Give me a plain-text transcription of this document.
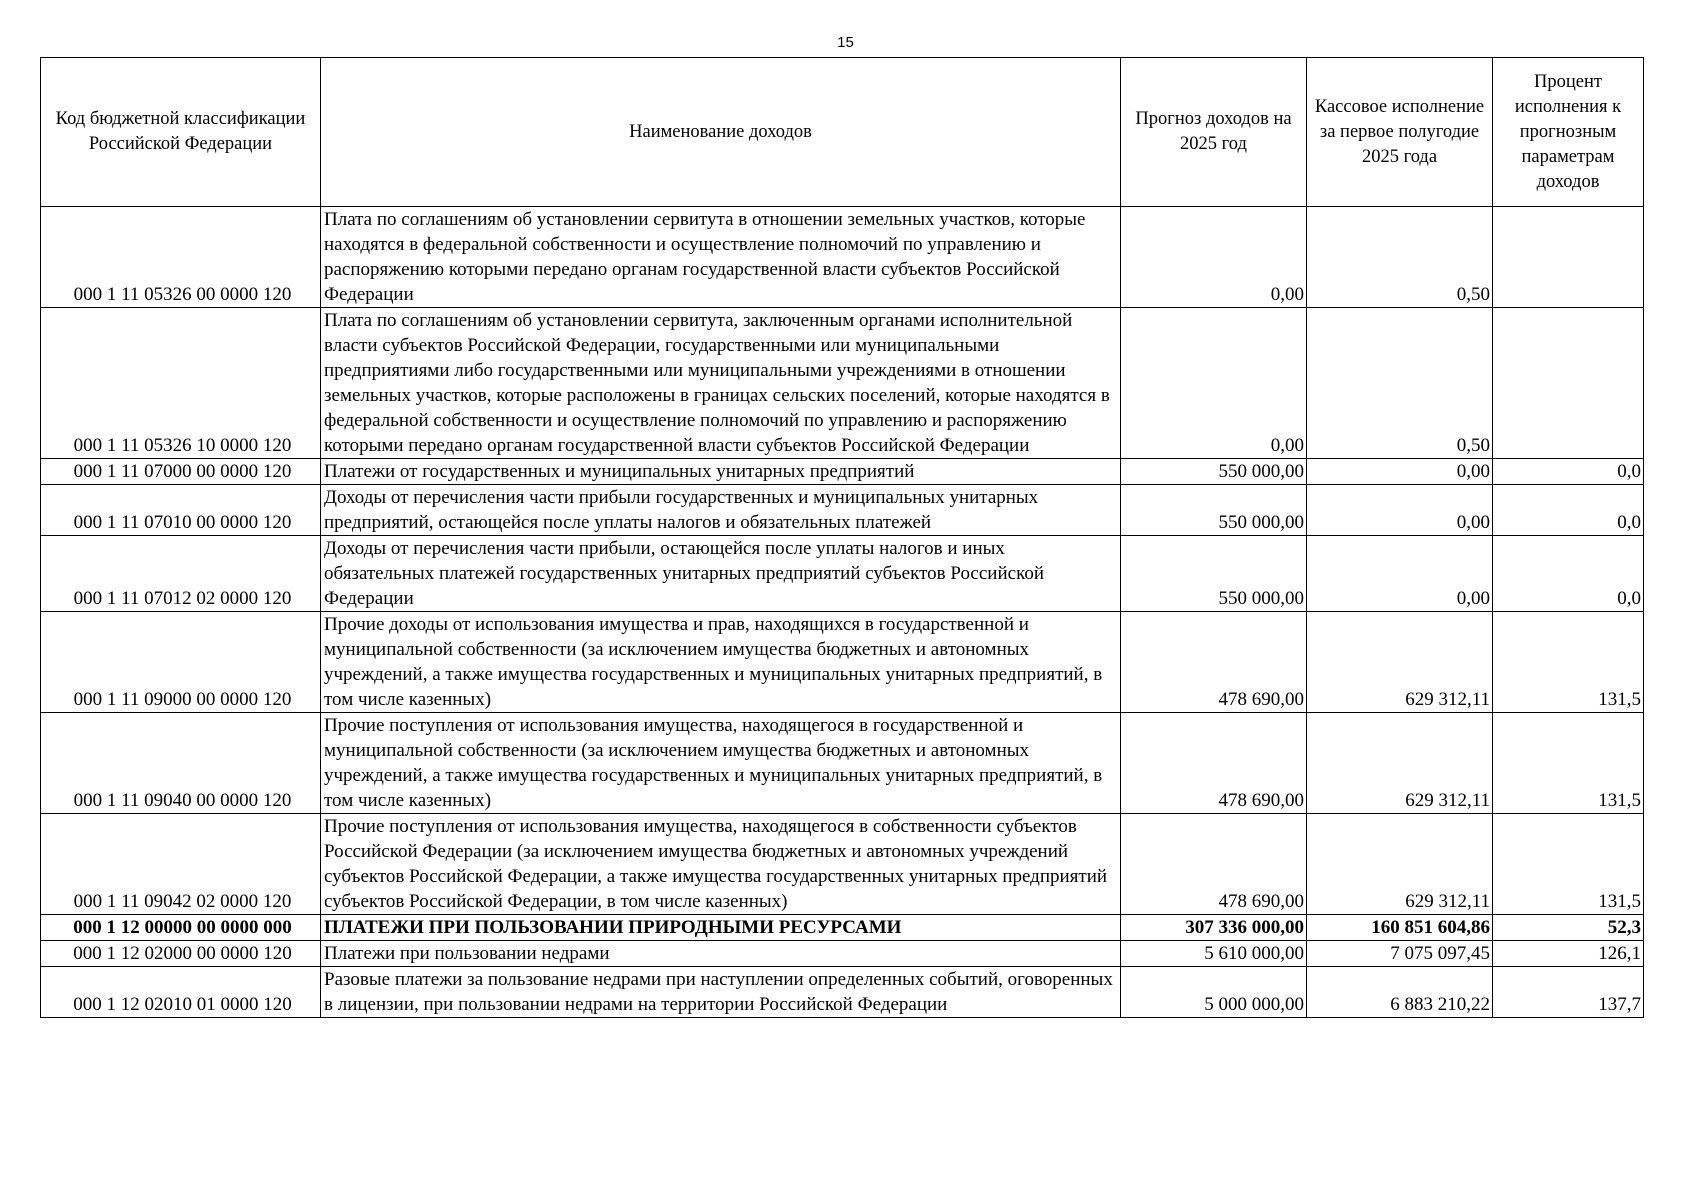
15
Код бюджетной классификации Российской Федерации	Наименование доходов	Прогноз доходов на 2025 год	Кассовое исполнение за первое полугодие 2025 года	Процент исполнения к прогнозным параметрам доходов
000 1 11 05326 00 0000 120	Плата по соглашениям об установлении сервитута в отношении земельных участков, которые находятся в федеральной собственности и осуществление полномочий по управлению и распоряжению которыми передано органам государственной власти субъектов Российской Федерации	0,00	0,50	
000 1 11 05326 10 0000 120	Плата по соглашениям об установлении сервитута, заключенным органами исполнительной власти субъектов Российской Федерации, государственными или муниципальными предприятиями либо государственными или муниципальными учреждениями в отношении земельных участков, которые расположены в границах сельских поселений, которые находятся в федеральной собственности и осуществление полномочий по управлению и распоряжению которыми передано органам государственной власти субъектов Российской Федерации	0,00	0,50	
000 1 11 07000 00 0000 120	Платежи от государственных и муниципальных унитарных предприятий	550 000,00	0,00	0,0
000 1 11 07010 00 0000 120	Доходы от перечисления части прибыли государственных и муниципальных унитарных предприятий, остающейся после уплаты налогов и обязательных платежей	550 000,00	0,00	0,0
000 1 11 07012 02 0000 120	Доходы от перечисления части прибыли, остающейся после уплаты налогов и иных обязательных платежей государственных унитарных предприятий субъектов Российской Федерации	550 000,00	0,00	0,0
000 1 11 09000 00 0000 120	Прочие доходы от использования имущества и прав, находящихся в государственной и муниципальной собственности (за исключением имущества бюджетных и автономных учреждений, а также имущества государственных и муниципальных унитарных предприятий, в том числе казенных)	478 690,00	629 312,11	131,5
000 1 11 09040 00 0000 120	Прочие поступления от использования имущества, находящегося в государственной и муниципальной собственности (за исключением имущества бюджетных и автономных учреждений, а также имущества государственных и муниципальных унитарных предприятий, в том числе казенных)	478 690,00	629 312,11	131,5
000 1 11 09042 02 0000 120	Прочие поступления от использования имущества, находящегося в собственности субъектов Российской Федерации (за исключением имущества бюджетных и автономных учреждений субъектов Российской Федерации, а также имущества государственных унитарных предприятий субъектов Российской Федерации, в том числе казенных)	478 690,00	629 312,11	131,5
000 1 12 00000 00 0000 000	ПЛАТЕЖИ ПРИ ПОЛЬЗОВАНИИ ПРИРОДНЫМИ РЕСУРСАМИ	307 336 000,00	160 851 604,86	52,3
000 1 12 02000 00 0000 120	Платежи при пользовании недрами	5 610 000,00	7 075 097,45	126,1
000 1 12 02010 01 0000 120	Разовые платежи за пользование недрами при наступлении определенных событий, оговоренных в лицензии, при пользовании недрами на территории Российской Федерации	5 000 000,00	6 883 210,22	137,7
